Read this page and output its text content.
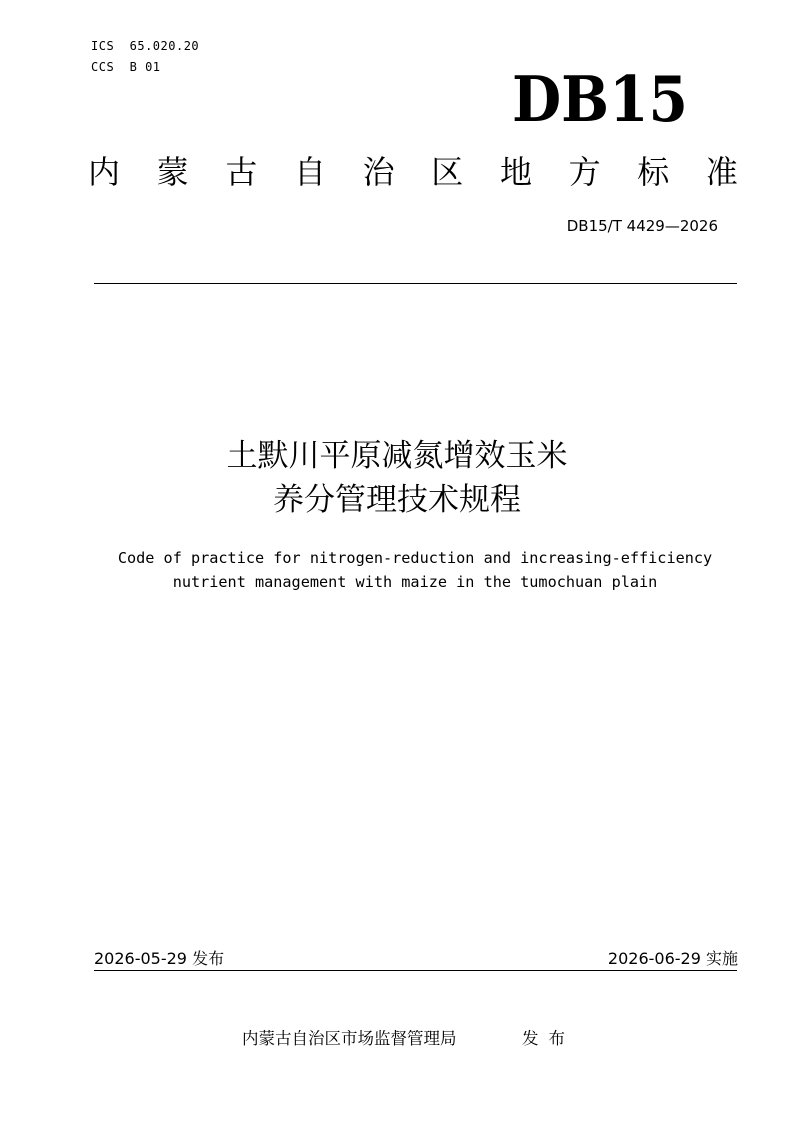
ICS  65.020.20
CCS  B 01	DB15
内 蒙 古 自 治 区 地 方 标 准
DB15/T 4429—2026
土默川平原减氮增效玉米
养分管理技术规程
Code of practice for nitrogen-reduction and increasing-efficiency
nutrient management with maize in the tumochuan plain
2026-05-29 发布	2026-06-29 实施
内蒙古自治区市场监督管理局	发布
